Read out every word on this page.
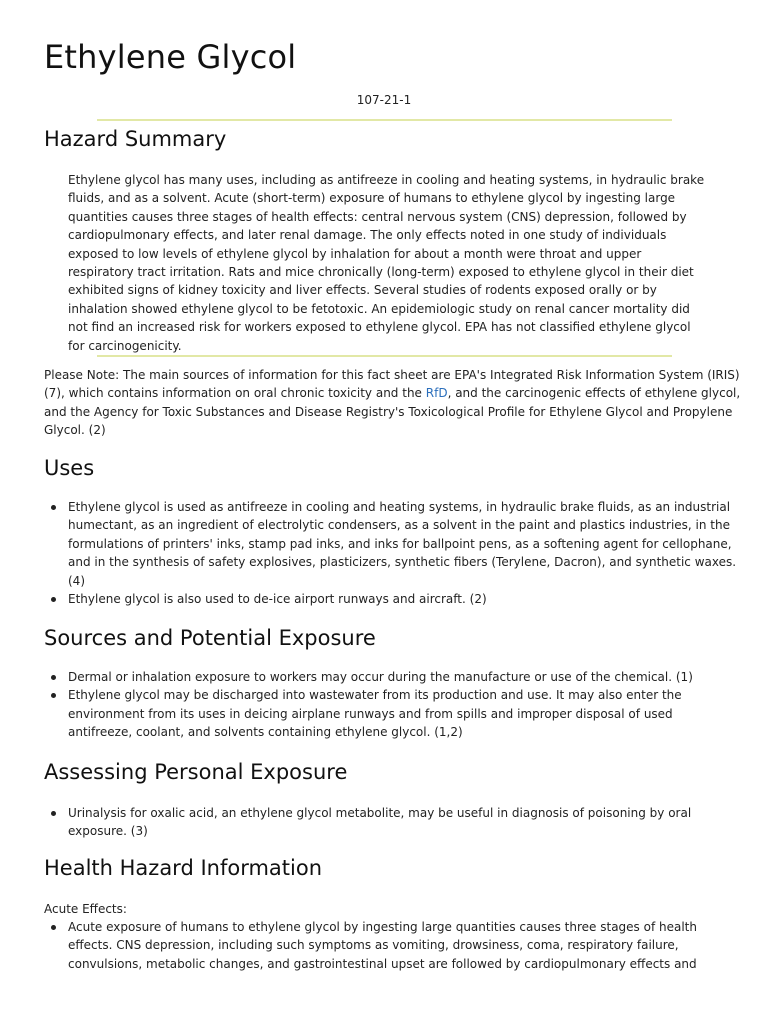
Ethylene Glycol

107-21-1

Hazard Summary

Ethylene glycol has many uses, including as antifreeze in cooling and heating systems, in hydraulic brake fluids, and as a solvent. Acute (short-term) exposure of humans to ethylene glycol by ingesting large quantities causes three stages of health effects: central nervous system (CNS) depression, followed by cardiopulmonary effects, and later renal damage. The only effects noted in one study of individuals exposed to low levels of ethylene glycol by inhalation for about a month were throat and upper respiratory tract irritation. Rats and mice chronically (long-term) exposed to ethylene glycol in their diet exhibited signs of kidney toxicity and liver effects. Several studies of rodents exposed orally or by inhalation showed ethylene glycol to be fetotoxic. An epidemiologic study on renal cancer mortality did not find an increased risk for workers exposed to ethylene glycol. EPA has not classified ethylene glycol for carcinogenicity.

Please Note: The main sources of information for this fact sheet are EPA's Integrated Risk Information System (IRIS) (7), which contains information on oral chronic toxicity and the RfD, and the carcinogenic effects of ethylene glycol, and the Agency for Toxic Substances and Disease Registry's Toxicological Profile for Ethylene Glycol and Propylene Glycol. (2)

Uses
Ethylene glycol is used as antifreeze in cooling and heating systems, in hydraulic brake fluids, as an industrial humectant, as an ingredient of electrolytic condensers, as a solvent in the paint and plastics industries, in the formulations of printers' inks, stamp pad inks, and inks for ballpoint pens, as a softening agent for cellophane, and in the synthesis of safety explosives, plasticizers, synthetic fibers (Terylene, Dacron), and synthetic waxes. (4)
Ethylene glycol is also used to de-ice airport runways and aircraft. (2)
Sources and Potential Exposure
Dermal or inhalation exposure to workers may occur during the manufacture or use of the chemical. (1)
Ethylene glycol may be discharged into wastewater from its production and use. It may also enter the environment from its uses in deicing airplane runways and from spills and improper disposal of used antifreeze, coolant, and solvents containing ethylene glycol. (1,2)
Assessing Personal Exposure
Urinalysis for oxalic acid, an ethylene glycol metabolite, may be useful in diagnosis of poisoning by oral exposure. (3)
Health Hazard Information

Acute Effects:

Acute exposure of humans to ethylene glycol by ingesting large quantities causes three stages of health effects. CNS depression, including such symptoms as vomiting, drowsiness, coma, respiratory failure, convulsions, metabolic changes, and gastrointestinal upset are followed by cardiopulmonary effects and
